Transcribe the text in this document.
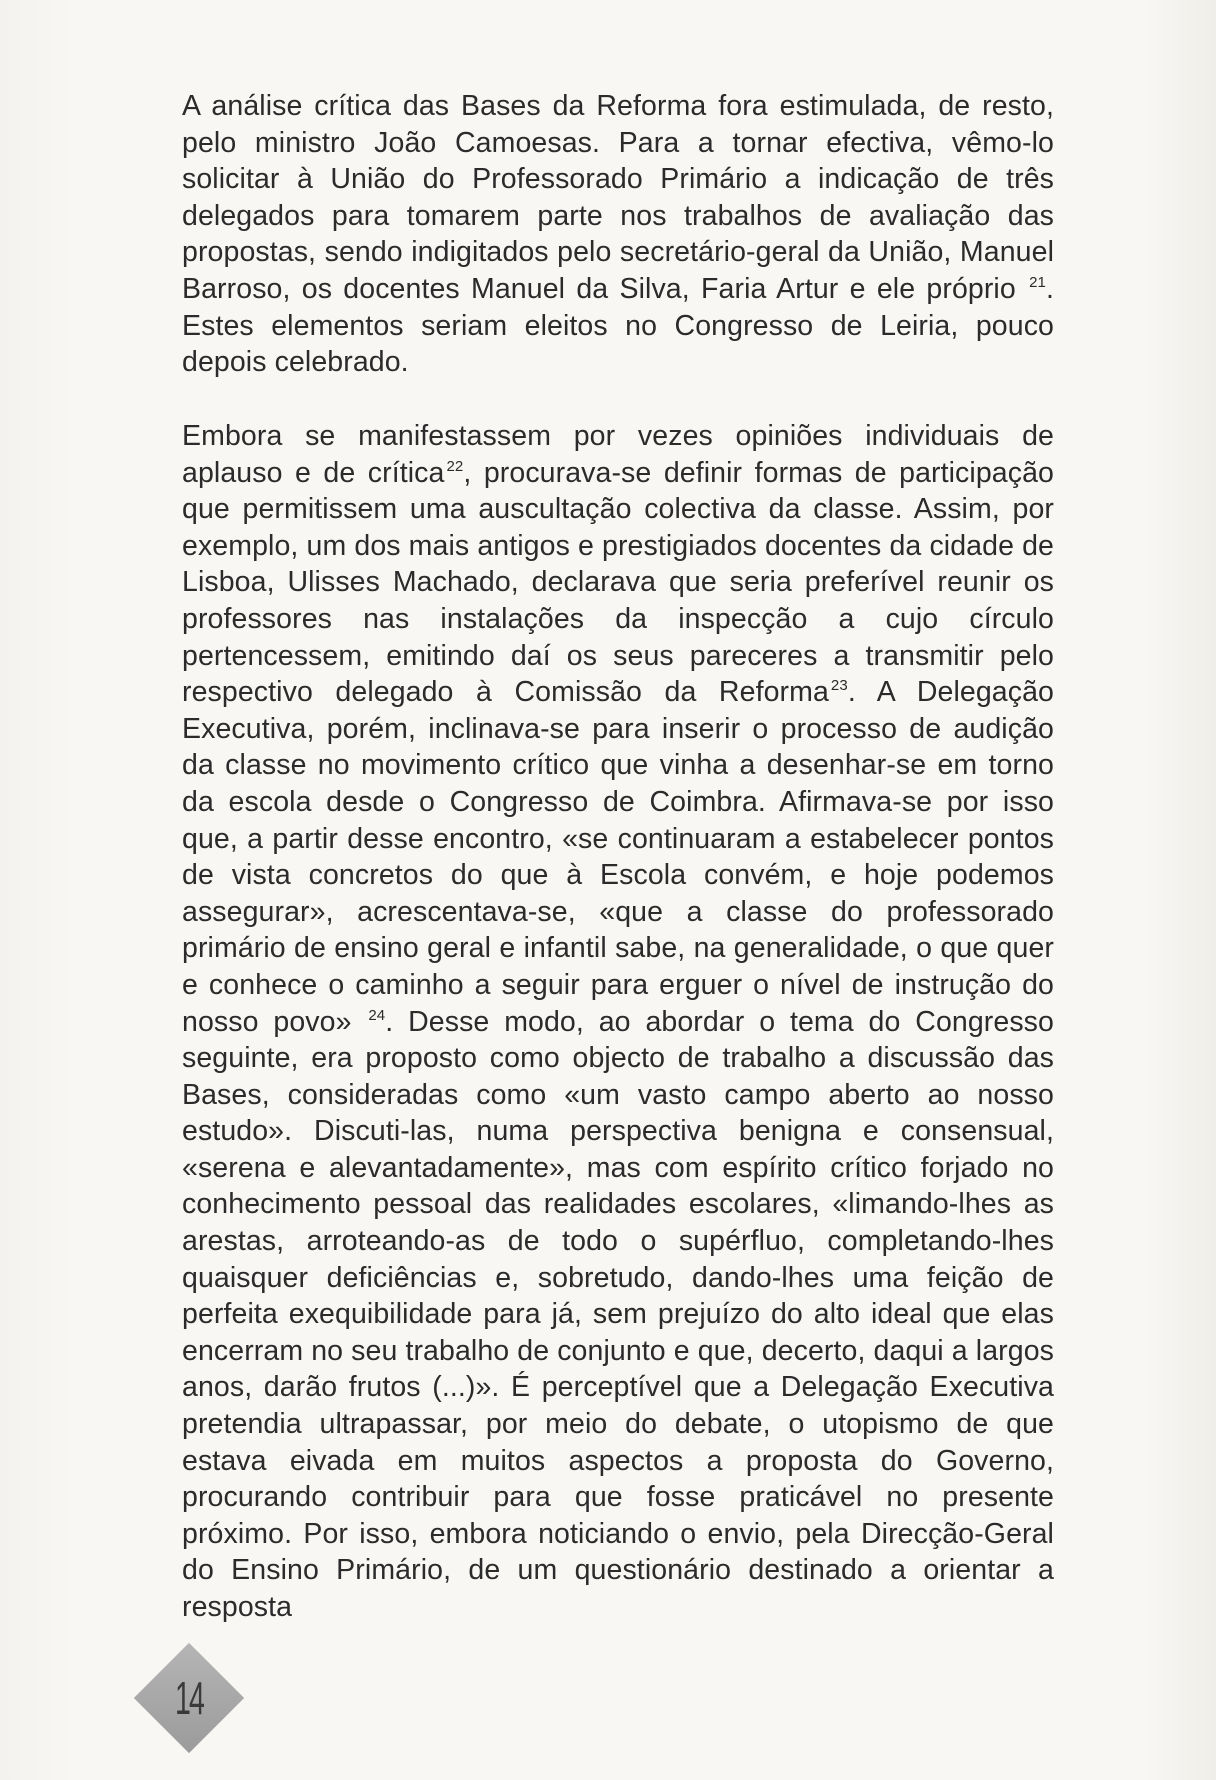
A análise crítica das Bases da Reforma fora estimulada, de resto, pelo ministro João Camoesas. Para a tornar efectiva, vêmo-lo solicitar à União do Professorado Primário a indicação de três delegados para tomarem parte nos trabalhos de avaliação das propostas, sendo indigitados pelo secretário-geral da União, Manuel Barroso, os docentes Manuel da Silva, Faria Artur e ele próprio $^{21}$. Estes elementos seriam eleitos no Congresso de Leiria, pouco depois celebrado.

Embora se manifestassem por vezes opiniões individuais de aplauso e de crítica $^{22}$, procurava-se definir formas de participação que permitissem uma auscultação colectiva da classe. Assim, por exemplo, um dos mais antigos e prestigiados docentes da cidade de Lisboa, Ulisses Machado, declarava que seria preferível reunir os professores nas instalações da inspecção a cujo círculo pertencessem, emitindo daí os seus pareceres a transmitir pelo respectivo delegado à Comissão da Reforma $^{23}$. A Delegação Executiva, porém, inclinava-se para inserir o processo de audição da classe no movimento crítico que vinha a desenhar-se em torno da escola desde o Congresso de Coimbra. Afirmava-se por isso que, a partir desse encontro, «se continuaram a estabelecer pontos de vista concretos do que à Escola convém, e hoje podemos assegurar», acrescentava-se, «que a classe do professorado primário de ensino geral e infantil sabe, na generalidade, o que quer e conhece o caminho a seguir para erguer o nível de instrução do nosso povo» $^{24}$. Desse modo, ao abordar o tema do Congresso seguinte, era proposto como objecto de trabalho a discussão das Bases, consideradas como «um vasto campo aberto ao nosso estudo». Discuti-las, numa perspectiva benigna e consensual, «serena e alevantadamente», mas com espírito crítico forjado no conhecimento pessoal das realidades escolares, «limando-lhes as arestas, arroteando-as de todo o supérfluo, completando-lhes quaisquer deficiências e, sobretudo, dando-lhes uma feição de perfeita exequibilidade para já, sem prejuízo do alto ideal que elas encerram no seu trabalho de conjunto e que, decerto, daqui a largos anos, darão frutos (...)». É perceptível que a Delegação Executiva pretendia ultrapassar, por meio do debate, o utopismo de que estava eivada em muitos aspectos a proposta do Governo, procurando contribuir para que fosse praticável no presente próximo. Por isso, embora noticiando o envio, pela Direcção-Geral do Ensino Primário, de um questionário destinado a orientar a resposta

14
